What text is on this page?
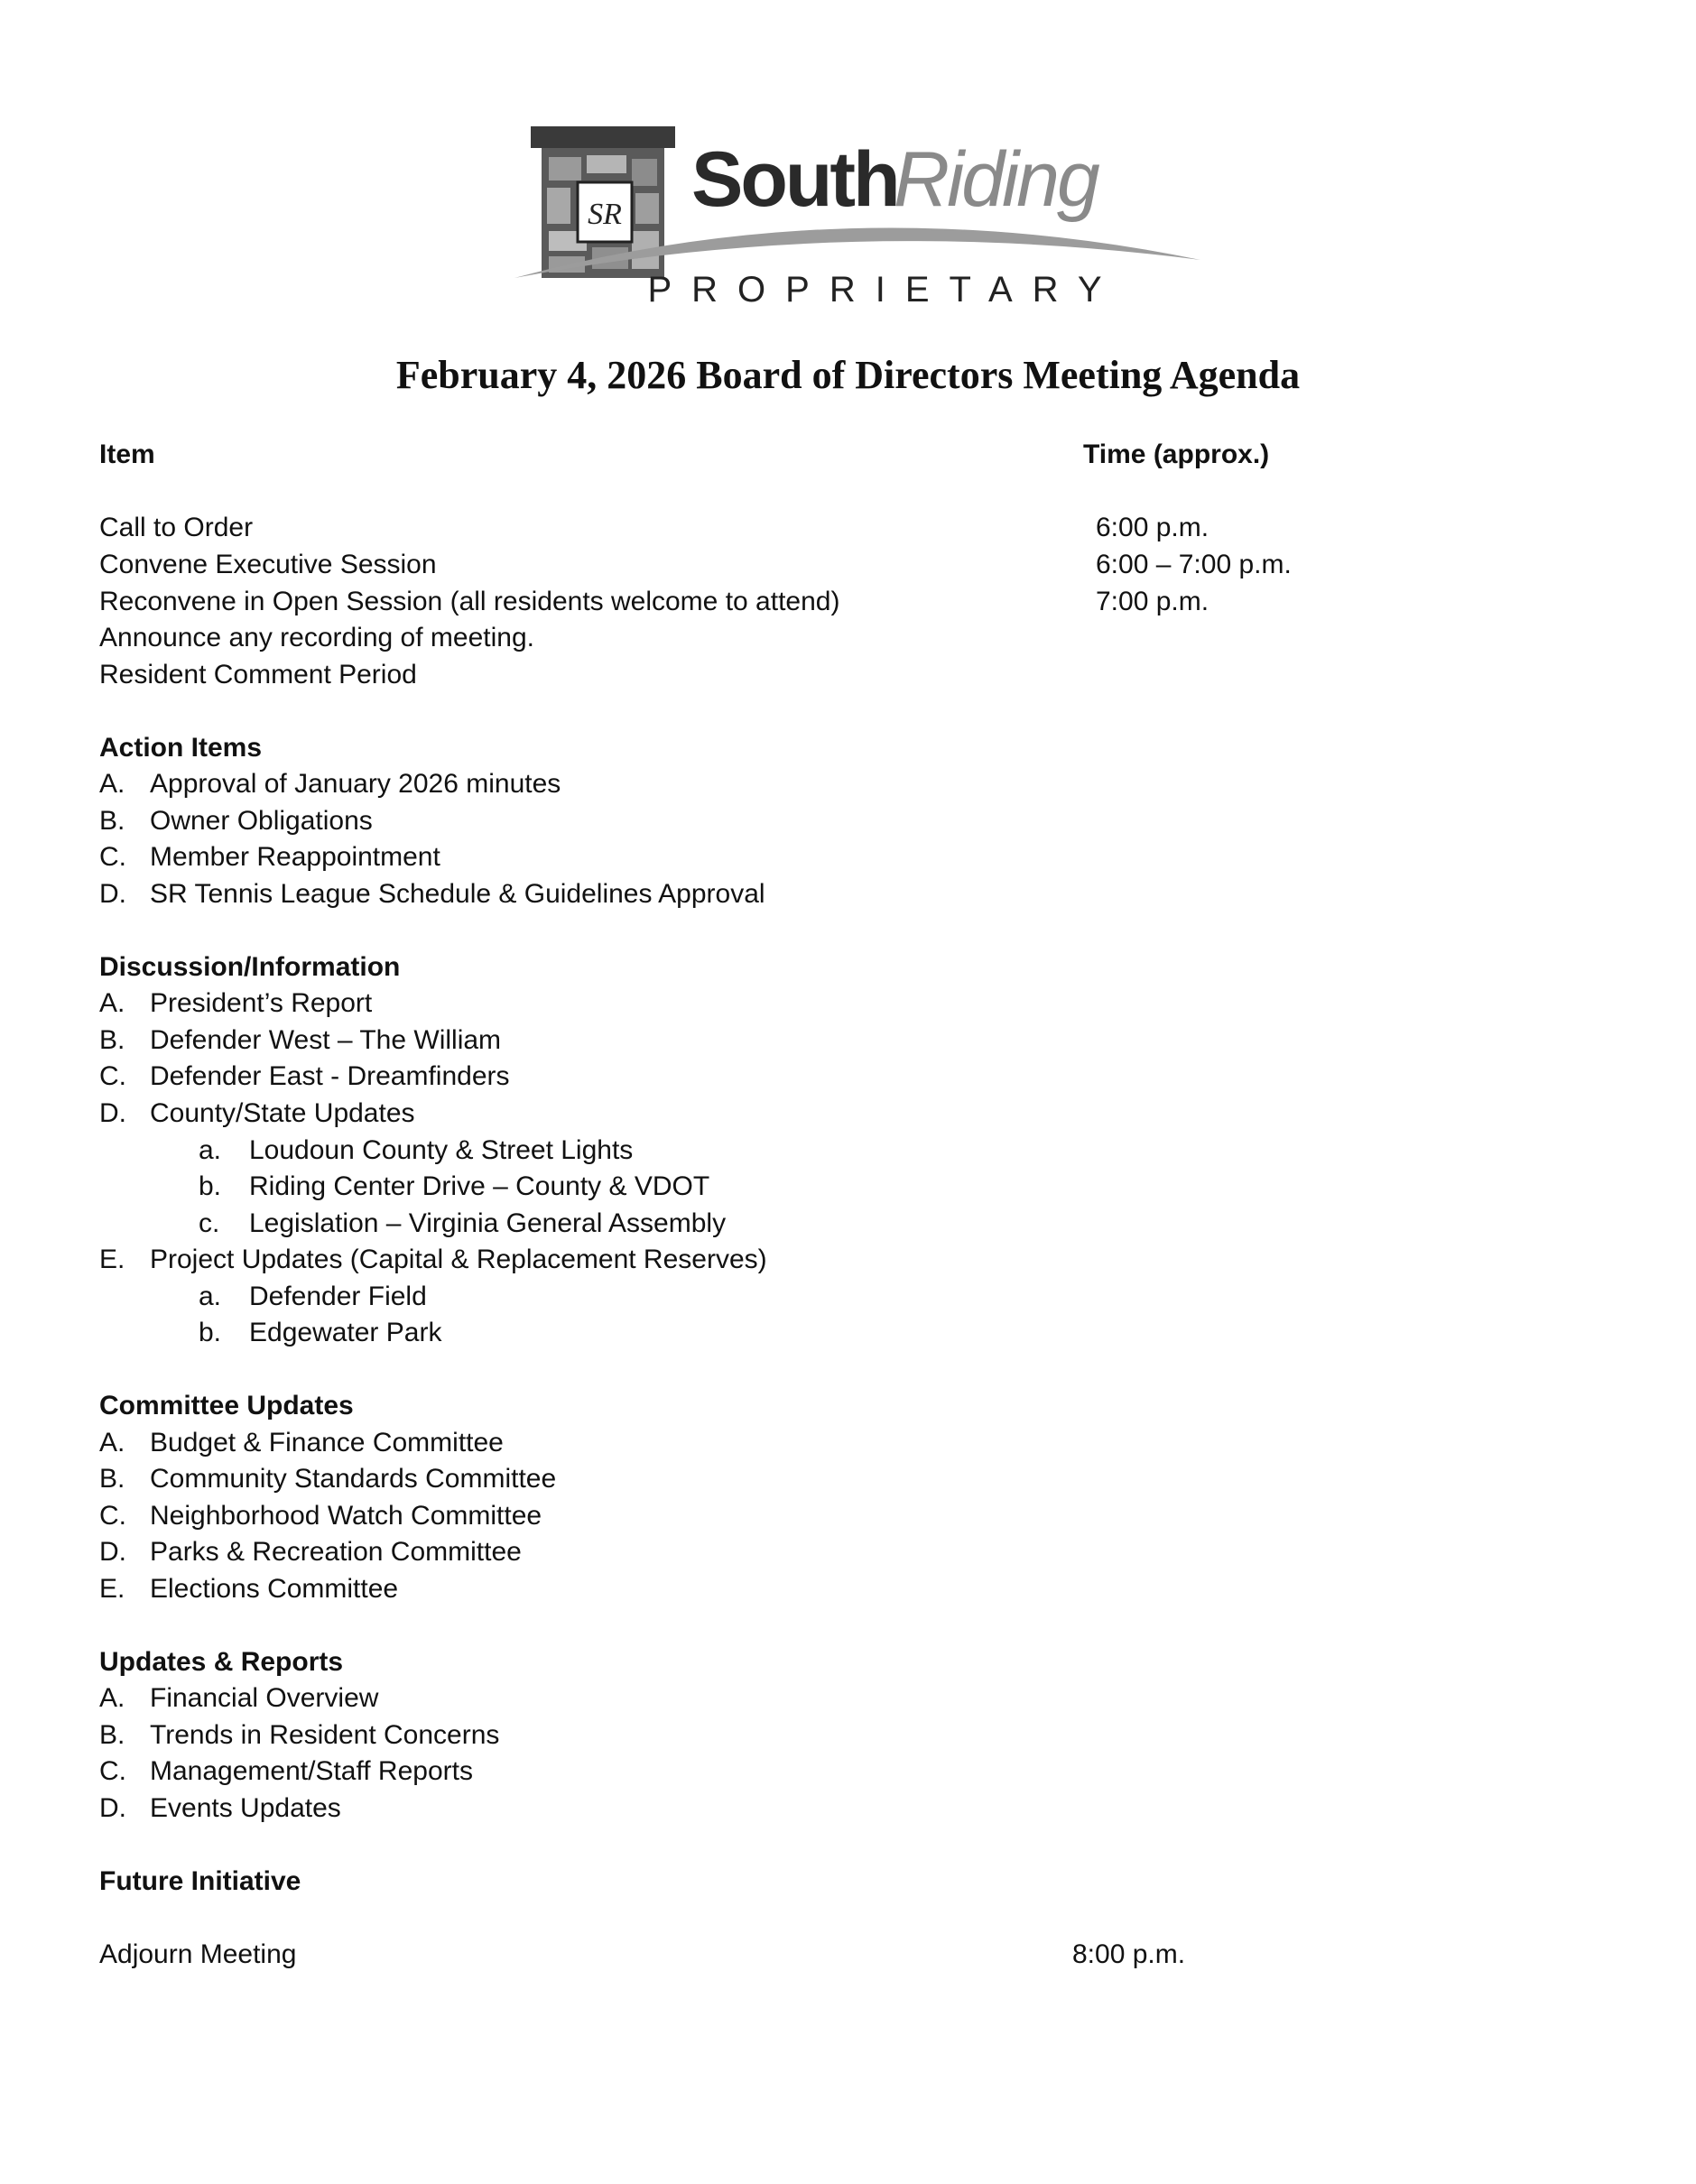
SR South
Riding
PROPRIETARY
February 4, 2026 Board of Directors Meeting Agenda
Item	Time (approx.)
Call to Order	6:00 p.m.
Convene Executive Session	6:00 – 7:00 p.m.
Reconvene in Open Session (all residents welcome to attend)	7:00 p.m.
Announce any recording of meeting.
Resident Comment Period
Action Items
A. Approval of January 2026 minutes
B. Owner Obligations
C. Member Reappointment
D. SR Tennis League Schedule & Guidelines Approval
Discussion/Information
A. President’s Report
B. Defender West – The William
C. Defender East - Dreamfinders
D. County/State Updates
a. Loudoun County & Street Lights
b. Riding Center Drive – County & VDOT
c. Legislation – Virginia General Assembly
E. Project Updates (Capital & Replacement Reserves)
a. Defender Field
b. Edgewater Park
Committee Updates
A. Budget & Finance Committee
B. Community Standards Committee
C. Neighborhood Watch Committee
D. Parks & Recreation Committee
E. Elections Committee
Updates & Reports
A. Financial Overview
B. Trends in Resident Concerns
C. Management/Staff Reports
D. Events Updates
Future Initiative
Adjourn Meeting	8:00 p.m.
